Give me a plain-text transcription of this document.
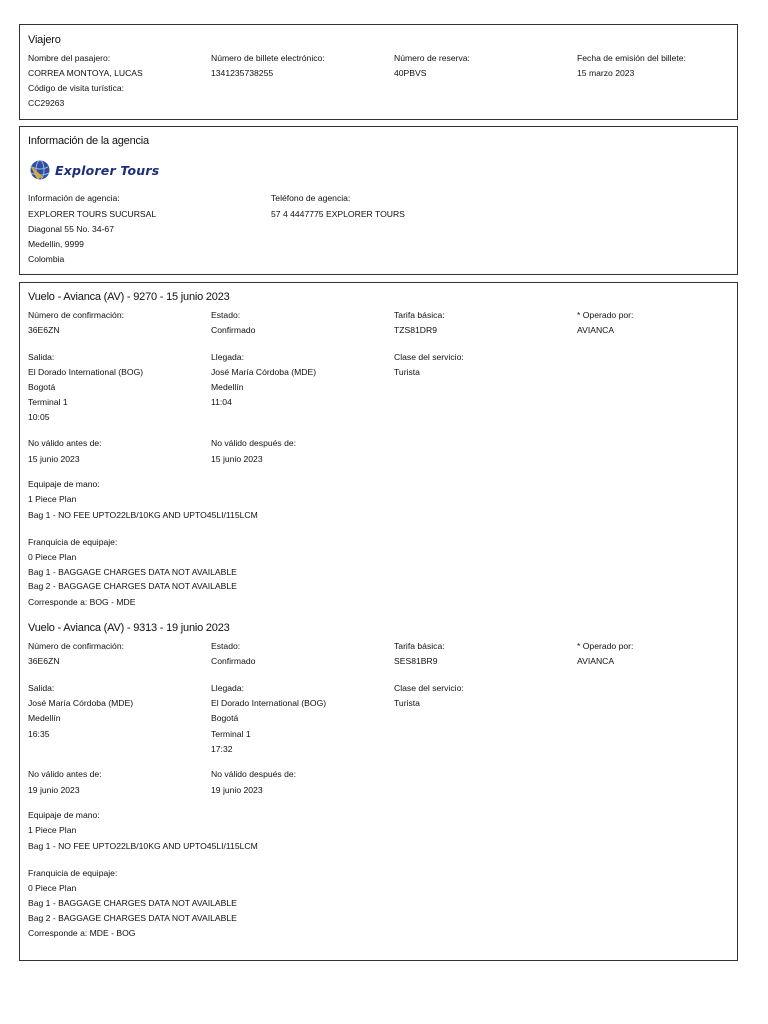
Viajero
Nombre del pasajero:
CORREA MONTOYA, LUCAS
Número de billete electrónico:
1341235738255
Número de reserva:
40PBVS
Fecha de emisión del billete:
15 marzo 2023
Código de visita turística:
CC29263
Información de la agencia
Explorer Tours
Información de agencia:
EXPLORER TOURS SUCURSAL
Diagonal 55 No. 34-67
Medellin, 9999
Colombia
Teléfono de agencia:
57 4 4447775 EXPLORER TOURS
Vuelo - Avianca (AV) - 9270 - 15 junio 2023
Número de confirmación:
36E6ZN
Estado:
Confirmado
Tarifa básica:
TZS81DR9
* Operado por:
AVIANCA
Salida:
El Dorado International (BOG)
Bogotá
Terminal 1
10:05
Llegada:
José María Córdoba (MDE)
Medellín
11:04
Clase del servicio:
Turista
No válido antes de:
15 junio 2023
No válido después de:
15 junio 2023
Equipaje de mano:
1 Piece Plan
Bag 1 - NO FEE UPTO22LB/10KG AND UPTO45LI/115LCM
Franquicia de equipaje:
0 Piece Plan
Bag 1 - BAGGAGE CHARGES DATA NOT AVAILABLE
Bag 2 - BAGGAGE CHARGES DATA NOT AVAILABLE
Corresponde a: BOG - MDE
Vuelo - Avianca (AV) - 9313 - 19 junio 2023
Número de confirmación:
36E6ZN
Estado:
Confirmado
Tarifa básica:
SES81BR9
* Operado por:
AVIANCA
Salida:
José María Córdoba (MDE)
Medellín
16:35
Llegada:
El Dorado International (BOG)
Bogotá
Terminal 1
17:32
Clase del servicio:
Turista
No válido antes de:
19 junio 2023
No válido después de:
19 junio 2023
Equipaje de mano:
1 Piece Plan
Bag 1 - NO FEE UPTO22LB/10KG AND UPTO45LI/115LCM
Franquicia de equipaje:
0 Piece Plan
Bag 1 - BAGGAGE CHARGES DATA NOT AVAILABLE
Bag 2 - BAGGAGE CHARGES DATA NOT AVAILABLE
Corresponde a: MDE - BOG
